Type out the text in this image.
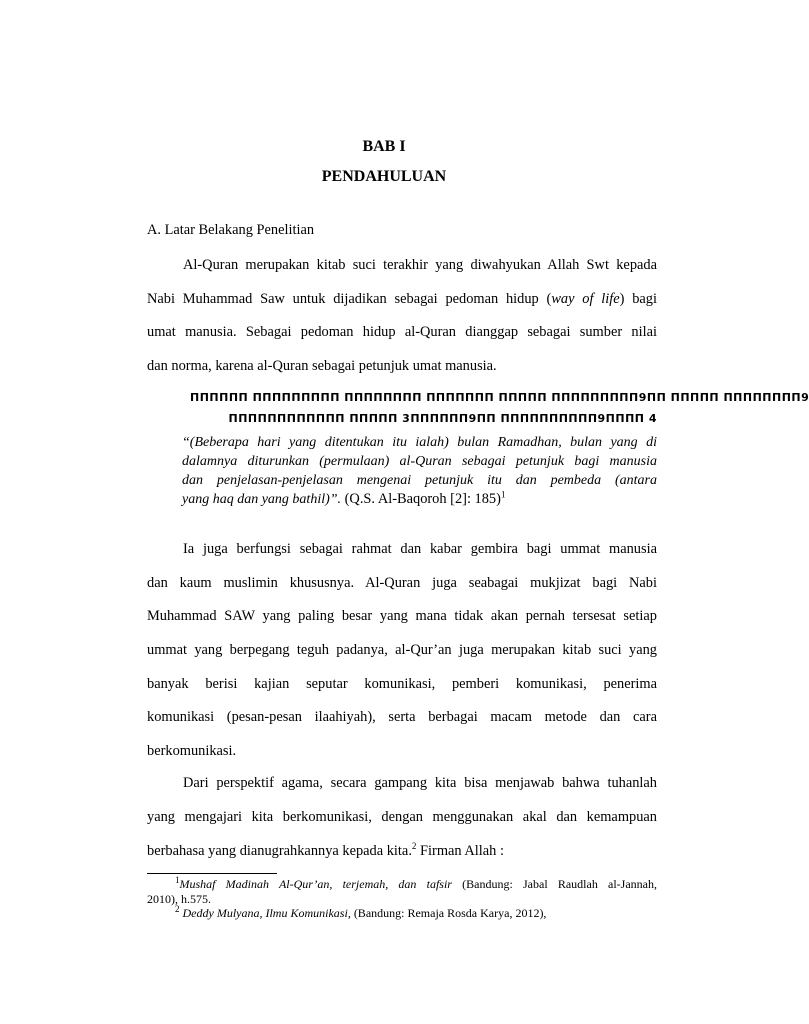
BAB I
PENDAHULUAN
A. Latar Belakang Penelitian
Al-Quran merupakan kitab suci terakhir yang diwahyukan Allah Swt kepada
Nabi Muhammad Saw untuk dijadikan sebagai pedoman hidup (way of life) bagi
umat manusia. Sebagai pedoman hidup al-Quran dianggap sebagai sumber nilai
dan norma, karena al-Quran sebagai petunjuk umat manusia.
ΠΠΠΠΠΠ ΠΠΠΠΠΠΠΠΠ ΠΠΠΠΠΠΠΠ ΠΠΠΠΠΠΠ ΠΠΠΠΠ ΠΠΠΠΠΠΠΠΠ9ΠΠ ΠΠΠΠΠ ΠΠΠΠΠΠΠΠ9
ΠΠΠΠΠΠΠΠΠΠΠΠ ΠΠΠΠΠ 3ΠΠΠΠΠΠ9ΠΠ ΠΠΠΠΠΠΠΠΠΠ9ΠΠΠΠ 4
“(Beberapa hari yang ditentukan itu ialah) bulan Ramadhan, bulan yang di
dalamnya diturunkan (permulaan) al-Quran sebagai petunjuk bagi manusia
dan penjelasan-penjelasan mengenai petunjuk itu dan pembeda (antara
yang haq dan yang bathil)”. (Q.S. Al-Baqoroh [2]: 185)$^1$
Ia juga berfungsi sebagai rahmat dan kabar gembira bagi ummat manusia
dan kaum muslimin khususnya. Al-Quran juga seabagai mukjizat bagi Nabi
Muhammad SAW yang paling besar yang mana tidak akan pernah tersesat setiap
ummat yang berpegang teguh padanya, al-Qur’an juga merupakan kitab suci yang
banyak berisi kajian seputar komunikasi, pemberi komunikasi, penerima
komunikasi (pesan-pesan ilaahiyah), serta berbagai macam metode dan cara
berkomunikasi.
Dari perspektif agama, secara gampang kita bisa menjawab bahwa tuhanlah
yang mengajari kita berkomunikasi, dengan menggunakan akal dan kemampuan
berbahasa yang dianugrahkannya kepada kita.$^2$ Firman Allah :
$^1$Mushaf Madinah Al-Qur’an, terjemah, dan tafsir (Bandung: Jabal Raudlah al-Jannah,
2010), h.575.
$^2$ Deddy Mulyana, Ilmu Komunikasi, (Bandung: Remaja Rosda Karya, 2012),
